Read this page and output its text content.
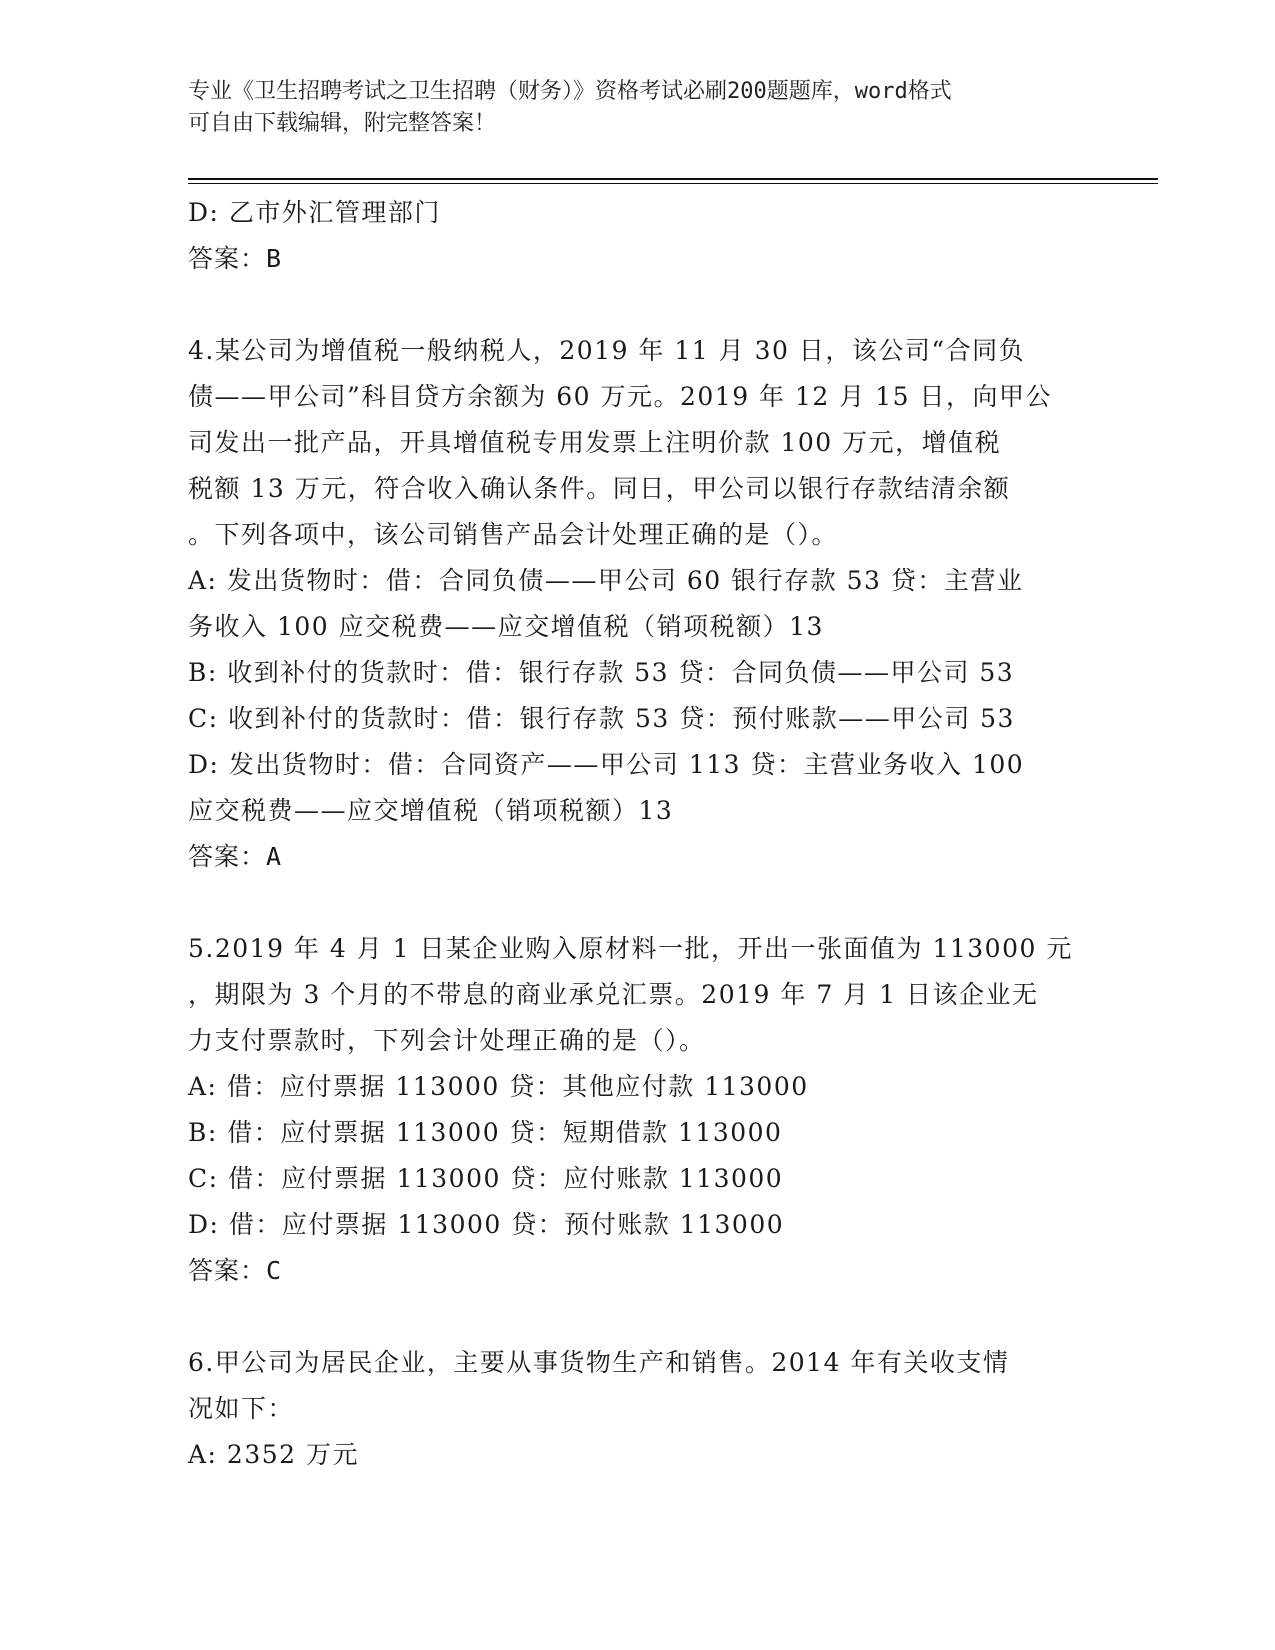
专业《卫生招聘考试之卫生招聘（财务）》资格考试必刷200题题库，word格式
可自由下载编辑，附完整答案！
D: 乙市外汇管理部门
答案：B
4.某公司为增值税一般纳税人，2019 年 11 月 30 日，该公司“合同负
债——甲公司”科目贷方余额为 60 万元。2019 年 12 月 15 日，向甲公
司发出一批产品，开具增值税专用发票上注明价款 100 万元，增值税
税额 13 万元，符合收入确认条件。同日，甲公司以银行存款结清余额
。下列各项中，该公司销售产品会计处理正确的是（）。
A: 发出货物时：借：合同负债——甲公司 60 银行存款 53 贷：主营业
务收入 100 应交税费——应交增值税（销项税额）13
B: 收到补付的货款时：借：银行存款 53 贷：合同负债——甲公司 53
C: 收到补付的货款时：借：银行存款 53 贷：预付账款——甲公司 53
D: 发出货物时：借：合同资产——甲公司 113 贷：主营业务收入 100
应交税费——应交增值税（销项税额）13
答案：A
5.2019 年 4 月 1 日某企业购入原材料一批，开出一张面值为 113000 元
，期限为 3 个月的不带息的商业承兑汇票。2019 年 7 月 1 日该企业无
力支付票款时，下列会计处理正确的是（）。
A: 借：应付票据 113000 贷：其他应付款 113000
B: 借：应付票据 113000 贷：短期借款 113000
C: 借：应付票据 113000 贷：应付账款 113000
D: 借：应付票据 113000 贷：预付账款 113000
答案：C
6.甲公司为居民企业，主要从事货物生产和销售。2014 年有关收支情
况如下：
A: 2352 万元
